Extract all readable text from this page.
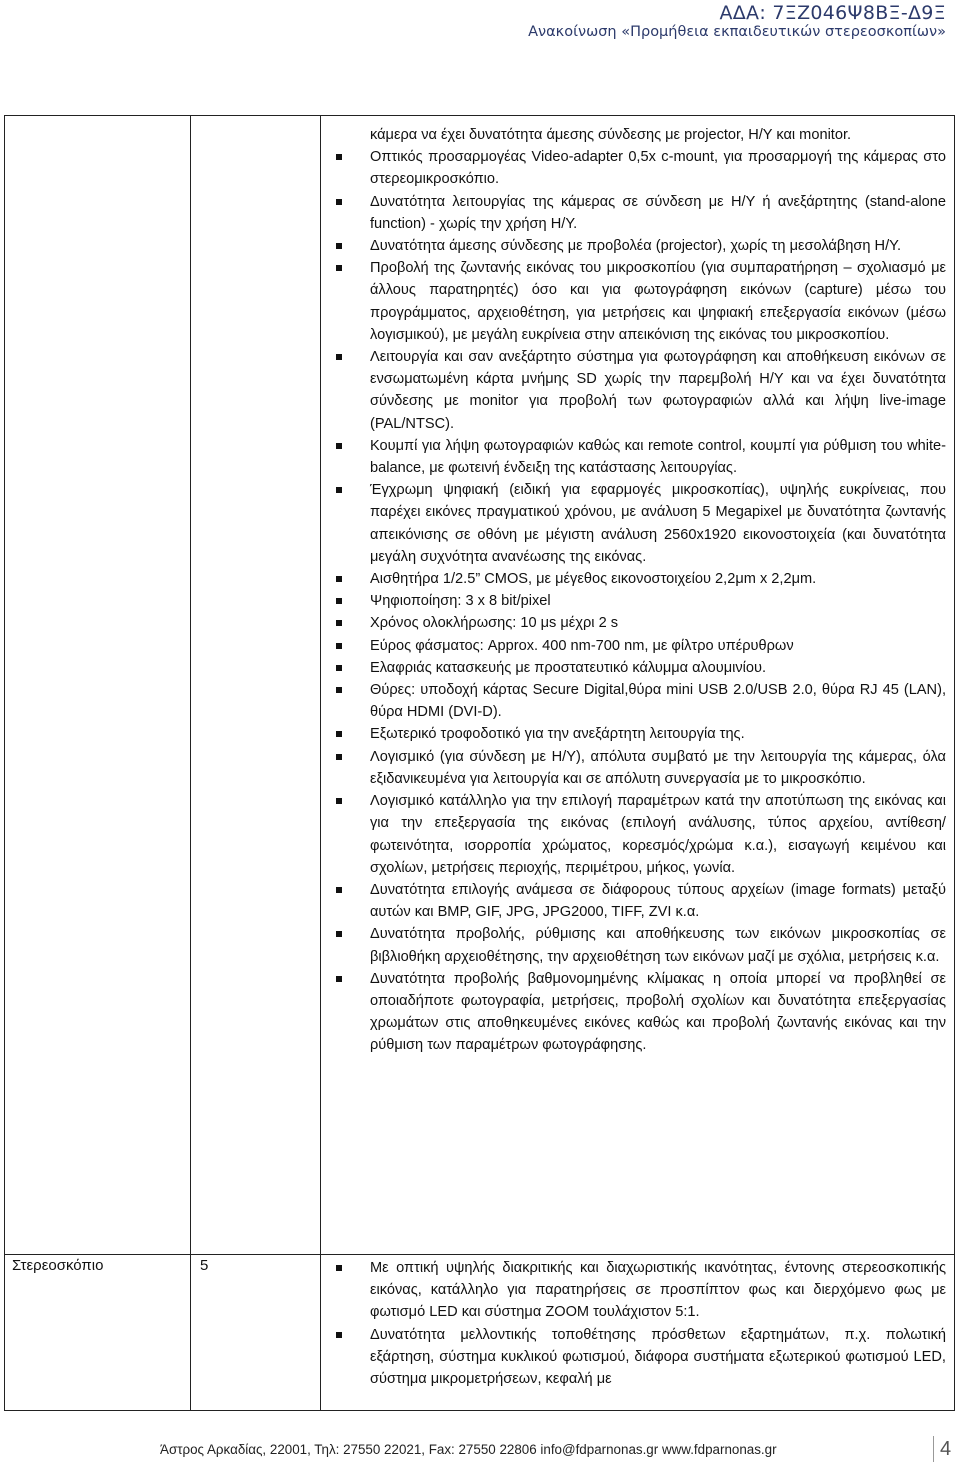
ΑΔΑ: 7ΞΖ046Ψ8ΒΞ-Δ9Ξ
Ανακοίνωση «Προμήθεια εκπαιδευτικών στερεοσκοπίων»
κάμερα να έχει δυνατότητα άμεσης σύνδεσης με projector, H/Y και monitor.
Οπτικός προσαρμογέας Video-adapter 0,5x c-mount, για προσαρμογή της κάμερας στο στερεομικροσκόπιο.
Δυνατότητα λειτουργίας της κάμερας σε σύνδεση με Η/Υ ή ανεξάρτητης (stand-alone function) - χωρίς την χρήση Η/Υ.
Δυνατότητα άμεσης σύνδεσης με προβολέα (projector), χωρίς τη μεσολάβηση Η/Υ.
Προβολή της ζωντανής εικόνας του μικροσκοπίου (για συμπαρατήρηση – σχολιασμό με άλλους παρατηρητές) όσο και για φωτογράφηση εικόνων (capture) μέσω του προγράμματος, αρχειοθέτηση, για μετρήσεις και ψηφιακή επεξεργασία εικόνων (μέσω λογισμικού), με μεγάλη ευκρίνεια στην απεικόνιση της εικόνας του μικροσκοπίου.
Λειτουργία και σαν ανεξάρτητο σύστημα για φωτογράφηση και αποθήκευση εικόνων σε ενσωματωμένη κάρτα μνήμης SD χωρίς την παρεμβολή Η/Υ και να έχει δυνατότητα σύνδεσης με monitor για προβολή των φωτογραφιών αλλά και λήψη live-image (PAL/NTSC).
Κουμπί για λήψη φωτογραφιών καθώς και remote control, κουμπί για ρύθμιση του white-balance, με φωτεινή ένδειξη της κατάστασης λειτουργίας.
Έγχρωμη ψηφιακή (ειδική για εφαρμογές μικροσκοπίας), υψηλής ευκρίνειας, που παρέχει εικόνες πραγματικού χρόνου, με ανάλυση 5 Megapixel με δυνατότητα ζωντανής απεικόνισης σε οθόνη με μέγιστη ανάλυση 2560x1920 εικονοστοιχεία (και δυνατότητα μεγάλη συχνότητα ανανέωσης της εικόνας.
Αισθητήρα 1/2.5” CMOS, με μέγεθος εικονοστοιχείου 2,2μm x 2,2μm.
Ψηφιοποίηση: 3 x 8 bit/pixel
Χρόνος ολοκλήρωσης: 10 μs μέχρι 2 s
Εύρος φάσματος: Approx. 400 nm-700 nm, με φίλτρο υπέρυθρων
Ελαφριάς κατασκευής με προστατευτικό κάλυμμα αλουμινίου.
Θύρες: υποδοχή κάρτας Secure Digital,θύρα mini USB 2.0/USB 2.0, θύρα RJ 45 (LAN), θύρα HDMI (DVI-D).
Εξωτερικό τροφοδοτικό για την ανεξάρτητη λειτουργία της.
Λογισμικό (για σύνδεση με Η/Υ), απόλυτα συμβατό με την λειτουργία της κάμερας, όλα εξιδανικευμένα για λειτουργία και σε απόλυτη συνεργασία με το μικροσκόπιο.
Λογισμικό κατάλληλο για την επιλογή παραμέτρων κατά την αποτύπωση της εικόνας και για την επεξεργασία της εικόνας (επιλογή ανάλυσης, τύπος αρχείου, αντίθεση/φωτεινότητα, ισορροπία χρώματος, κορεσμός/χρώμα κ.α.), εισαγωγή κειμένου και σχολίων, μετρήσεις περιοχής, περιμέτρου, μήκος, γωνία.
Δυνατότητα επιλογής ανάμεσα σε διάφορους τύπους αρχείων (image formats) μεταξύ αυτών και BMP, GIF, JPG, JPG2000, TIFF, ZVI κ.α.
Δυνατότητα προβολής, ρύθμισης και αποθήκευσης των εικόνων μικροσκοπίας σε βιβλιοθήκη αρχειοθέτησης, την αρχειοθέτηση των εικόνων μαζί με σχόλια, μετρήσεις κ.α.
Δυνατότητα προβολής βαθμονομημένης κλίμακας η οποία μπορεί να προβληθεί σε οποιαδήποτε φωτογραφία, μετρήσεις, προβολή σχολίων και δυνατότητα επεξεργασίας χρωμάτων στις αποθηκευμένες εικόνες καθώς και προβολή ζωντανής εικόνας και την ρύθμιση των παραμέτρων φωτογράφησης.
Στερεοσκόπιο	5	Με οπτική υψηλής διακριτικής και διαχωριστικής ικανότητας, έντονης στερεοσκοπικής εικόνας, κατάλληλο για παρατηρήσεις σε προσπίπτον φως και διερχόμενο φως με φωτισμό LED και σύστημα ZOOM τουλάχιστον 5:1.
Δυνατότητα μελλοντικής τοποθέτησης πρόσθετων εξαρτημάτων, π.χ. πολωτική εξάρτηση, σύστημα κυκλικού φωτισμού, διάφορα συστήματα εξωτερικού φωτισμού LED, σύστημα μικρομετρήσεων, κεφαλή με
Άστρος Αρκαδίας, 22001, Τηλ: 27550 22021, Fax: 27550 22806 info@fdparnonas.gr www.fdparnonas.gr	4
